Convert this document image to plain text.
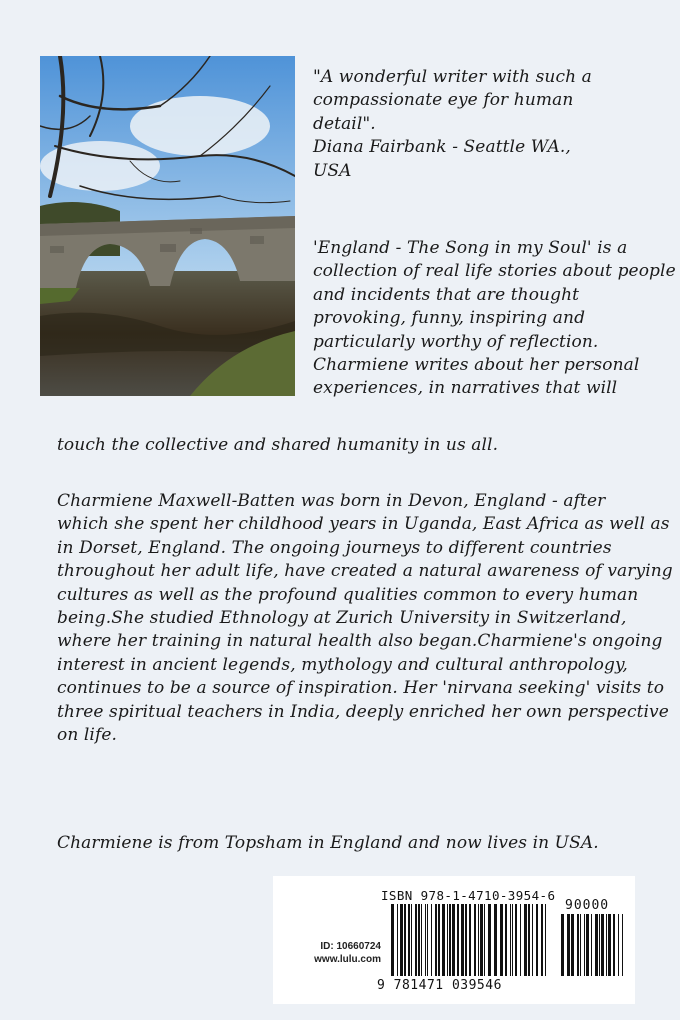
"A wonderful writer with such a
compassionate eye for human
detail".
Diana Fairbank - Seattle WA.,
USA
'England - The Song in my Soul' is a
collection of real life stories about people
and incidents that are thought
provoking, funny, inspiring and
particularly worthy of reflection.
Charmiene writes about her personal
experiences, in narratives that will
touch the collective and shared humanity in us all.
Charmiene Maxwell-Batten was born in Devon, England - after
which she spent her childhood years in Uganda, East Africa as well as
in Dorset, England. The ongoing journeys to different countries
throughout her adult life, have created a natural awareness of varying
cultures as well as the profound qualities common to every human
being.She studied Ethnology at Zurich University in Switzerland,
where her training in natural health also began.Charmiene's ongoing
interest in ancient legends, mythology and cultural anthropology,
continues to be a source of inspiration. Her 'nirvana seeking' visits to
three spiritual teachers in India, deeply enriched her own perspective
on life.
Charmiene is from Topsham in England and now lives in USA.
ID: 10660724
www.lulu.com
ISBN 978-1-4710-3954-6
90000
9 781471 039546
